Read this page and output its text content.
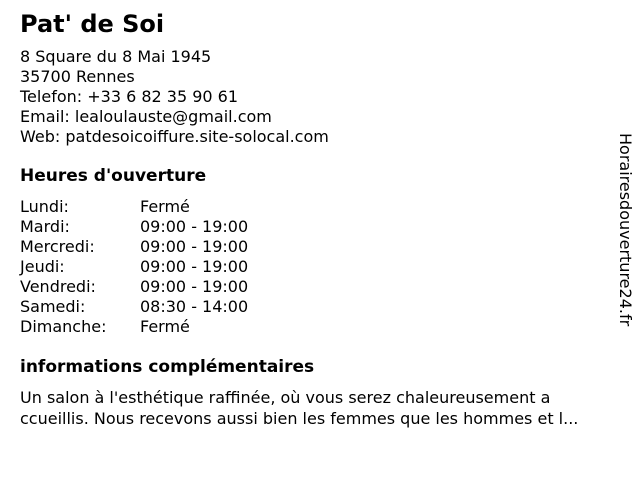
Pat' de Soi
8 Square du 8 Mai 1945
35700 Rennes
Telefon: +33 6 82 35 90 61
Email: lealoulauste@gmail.com
Web: patdesoicoiffure.site-solocal.com
Heures d'ouverture
Lundi:	Fermé
Mardi:	09:00 - 19:00
Mercredi:	09:00 - 19:00
Jeudi:	09:00 - 19:00
Vendredi:	09:00 - 19:00
Samedi:	08:30 - 14:00
Dimanche:	Fermé
informations complémentaires
Un salon à l'esthétique raffinée, où vous serez chaleureusement a
ccueillis. Nous recevons aussi bien les femmes que les hommes et l...
Horairesdouverture24.fr
